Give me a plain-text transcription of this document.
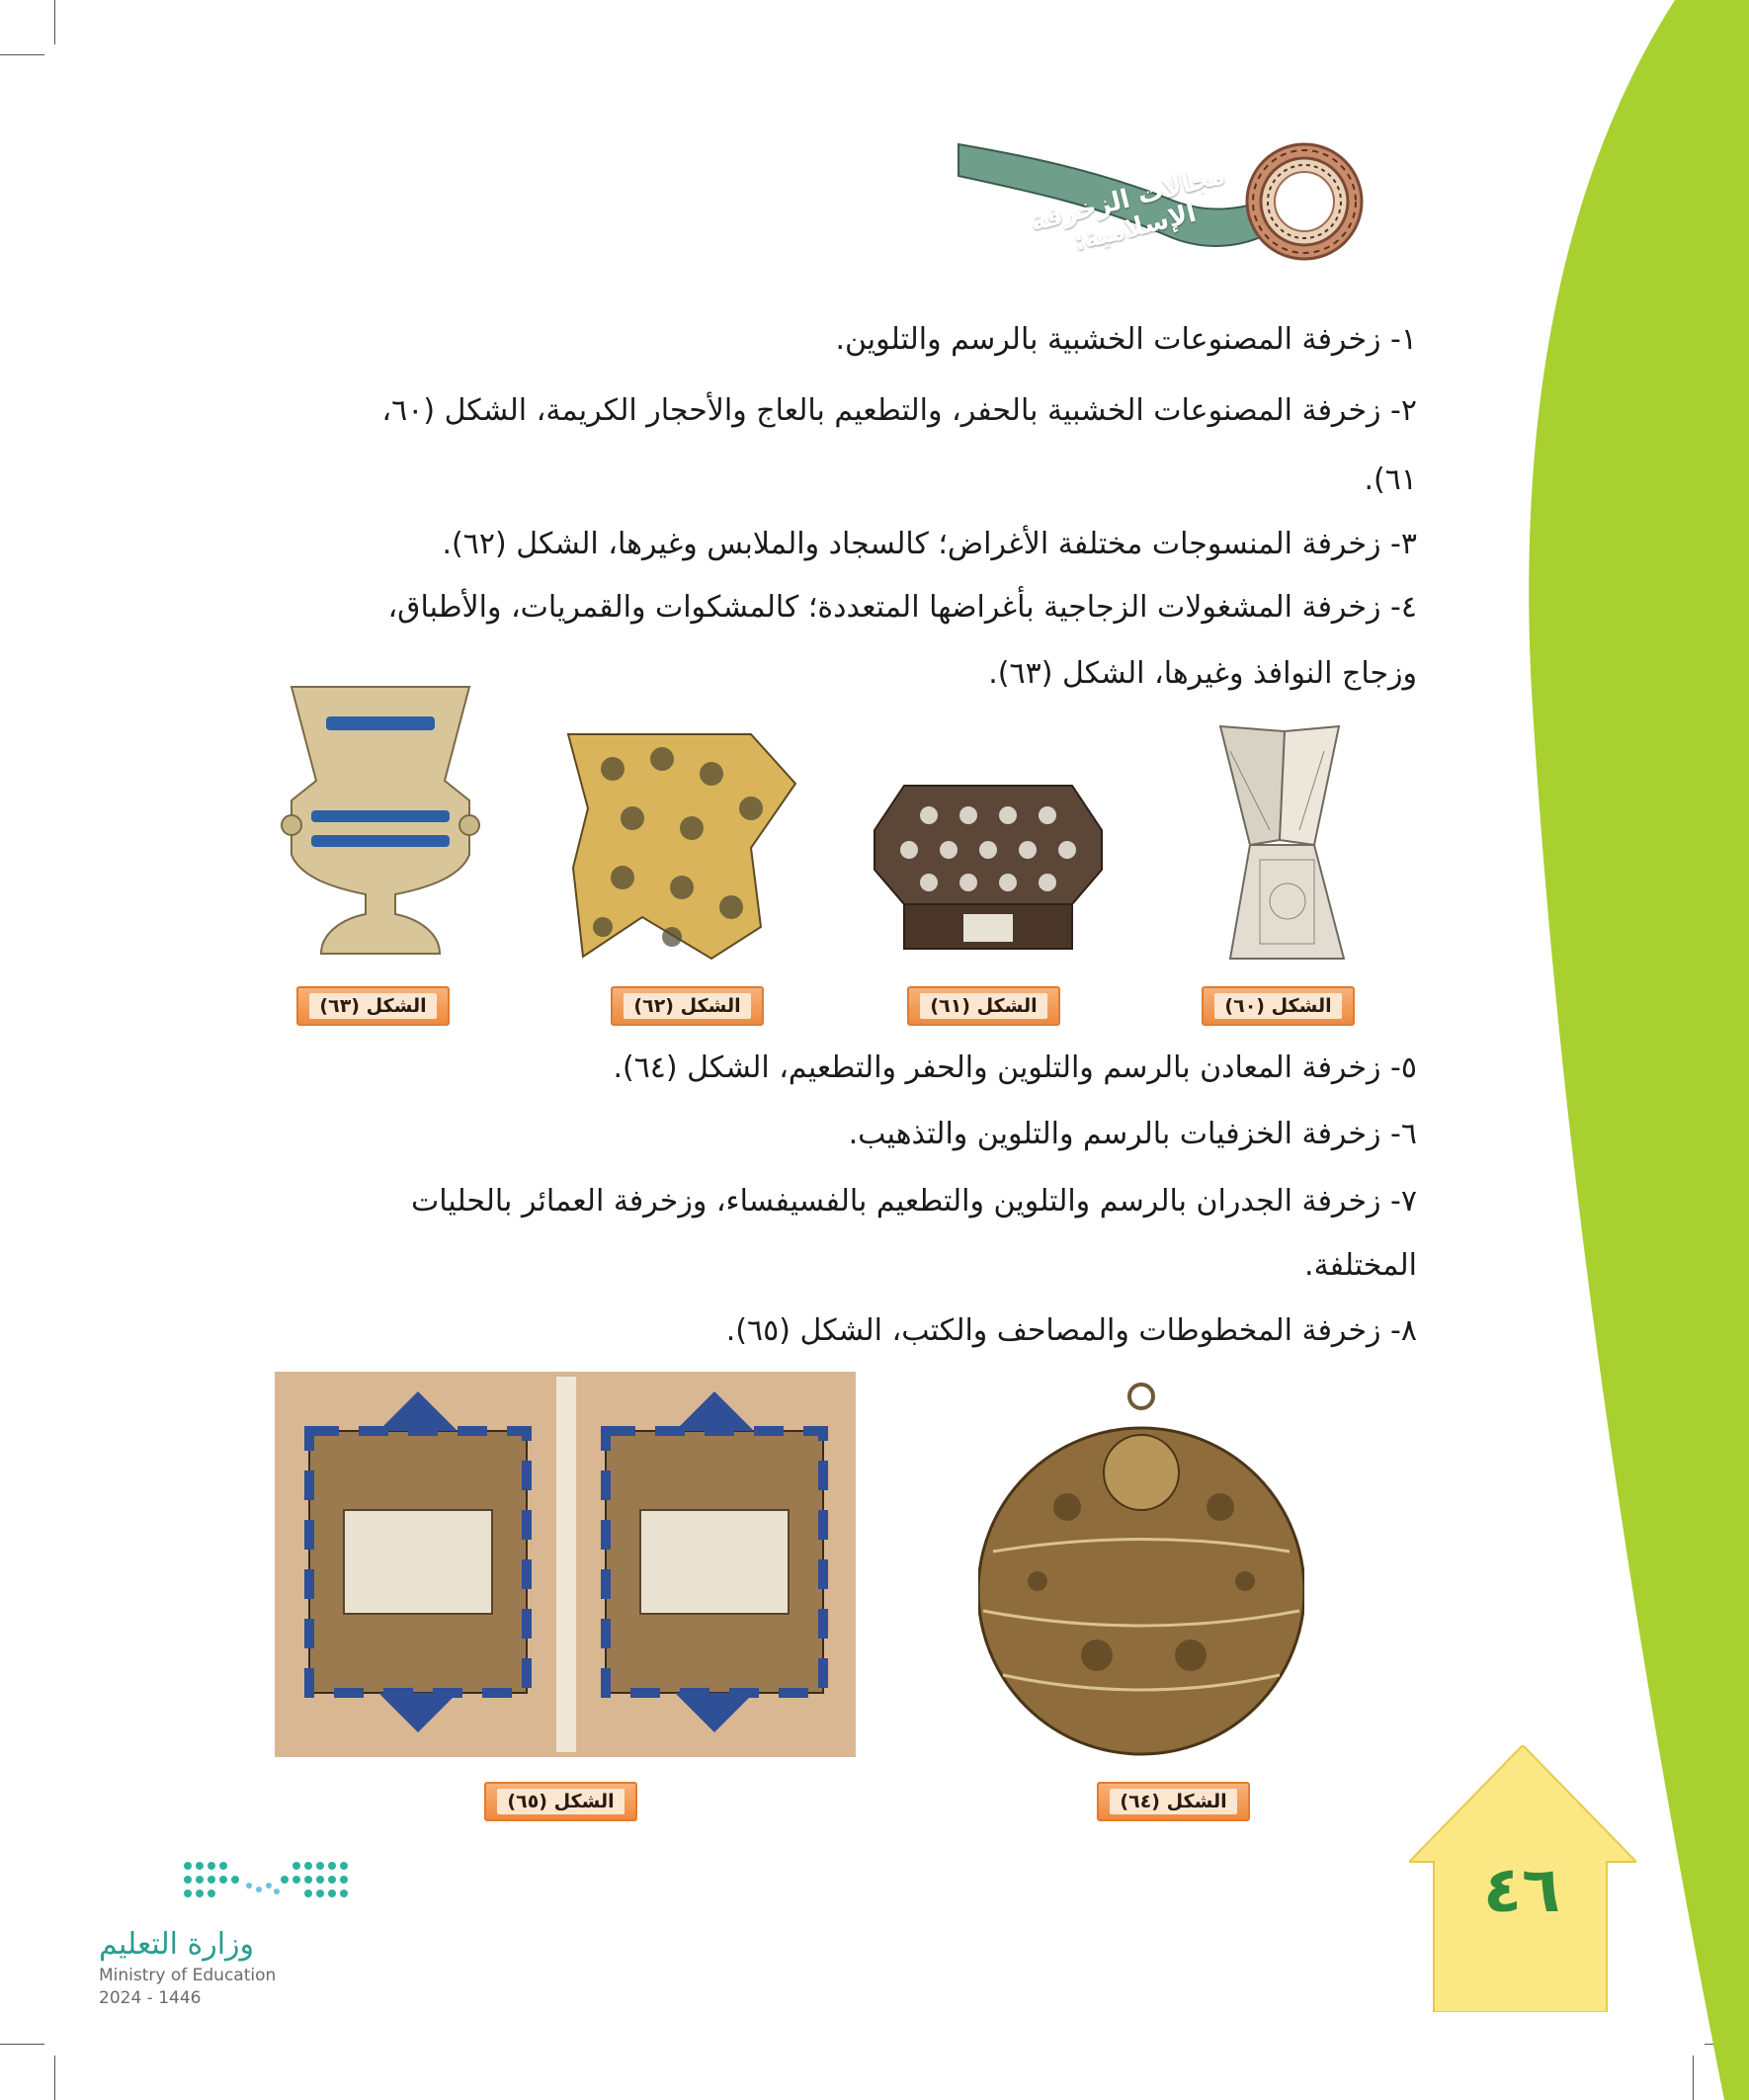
مجالات الزخرفة الإسلامية:
١- زخرفة المصنوعات الخشبية بالرسم والتلوين.
٢- زخرفة المصنوعات الخشبية بالحفر، والتطعيم بالعاج والأحجار الكريمة، الشكل (٦٠،
٦١).
٣- زخرفة المنسوجات مختلفة الأغراض؛ كالسجاد والملابس وغيرها، الشكل (٦٢).
٤- زخرفة المشغولات الزجاجية بأغراضها المتعددة؛ كالمشكوات والقمريات، والأطباق،
وزجاج النوافذ وغيرها، الشكل (٦٣).
الشكل (٦٠)
الشكل (٦١)
الشكل (٦٢)
الشكل (٦٣)
٥- زخرفة المعادن بالرسم والتلوين والحفر والتطعيم، الشكل (٦٤).
٦- زخرفة الخزفيات بالرسم والتلوين والتذهيب.
٧- زخرفة الجدران بالرسم والتلوين والتطعيم بالفسيفساء، وزخرفة العمائر بالحليات
المختلفة.
٨- زخرفة المخطوطات والمصاحف والكتب، الشكل (٦٥).
الشكل (٦٤)
الشكل (٦٥)
٤٦
وزارة التعليم
Ministry of Education
2024 - 1446
